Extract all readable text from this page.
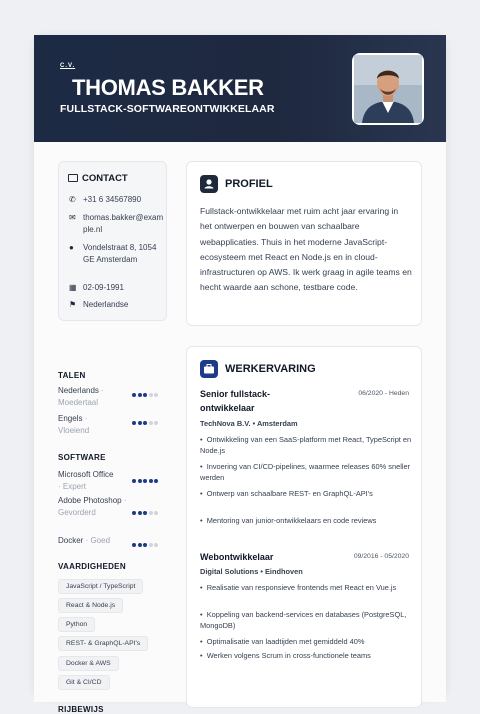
C.V.
THOMAS BAKKER
FULLSTACK-SOFTWAREONTWIKKELAAR
CONTACT
✆ +31 6 34567890
✉ thomas.bakker@example.nl
●	Vondelstraat 8, 1054 GE Amsterdam
▦ 02-09-1991
⚑ Nederlandse
TALEN
Nederlands ·
Moedertaal
Engels ·
Vloeiend
SOFTWARE
Microsoft Office
· Expert
Adobe Photoshop ·
Gevorderd
Docker · Goed
VAARDIGHEDEN
JavaScript / TypeScript
React & Node.js
Python
REST- & GraphQL-API's
Docker & AWS
Git & CI/CD
RIJBEWIJS
PROFIEL
Fullstack-ontwikkelaar met ruim acht jaar ervaring in het ontwerpen en bouwen van schaalbare webapplicaties. Thuis in het moderne JavaScript-ecosysteem met React en Node.js en in cloud-infrastructuren op AWS. Ik werk graag in agile teams en hecht waarde aan schone, testbare code.
WERKERVARING
Senior fullstack-ontwikkelaar
06/2020 - Heden
TechNova B.V. • Amsterdam
•  Ontwikkeling van een SaaS-platform met React, TypeScript en Node.js
•  Invoering van CI/CD-pipelines, waarmee releases 60% sneller werden
•  Ontwerp van schaalbare REST- en GraphQL-API's
•  Mentoring van junior-ontwikkelaars en code reviews
Webontwikkelaar	09/2016 - 05/2020
Digital Solutions • Eindhoven
•  Realisatie van responsieve frontends met React en Vue.js
•  Koppeling van backend-services en databases (PostgreSQL, MongoDB)
•  Optimalisatie van laadtijden met gemiddeld 40%
•  Werken volgens Scrum in cross-functionele teams
